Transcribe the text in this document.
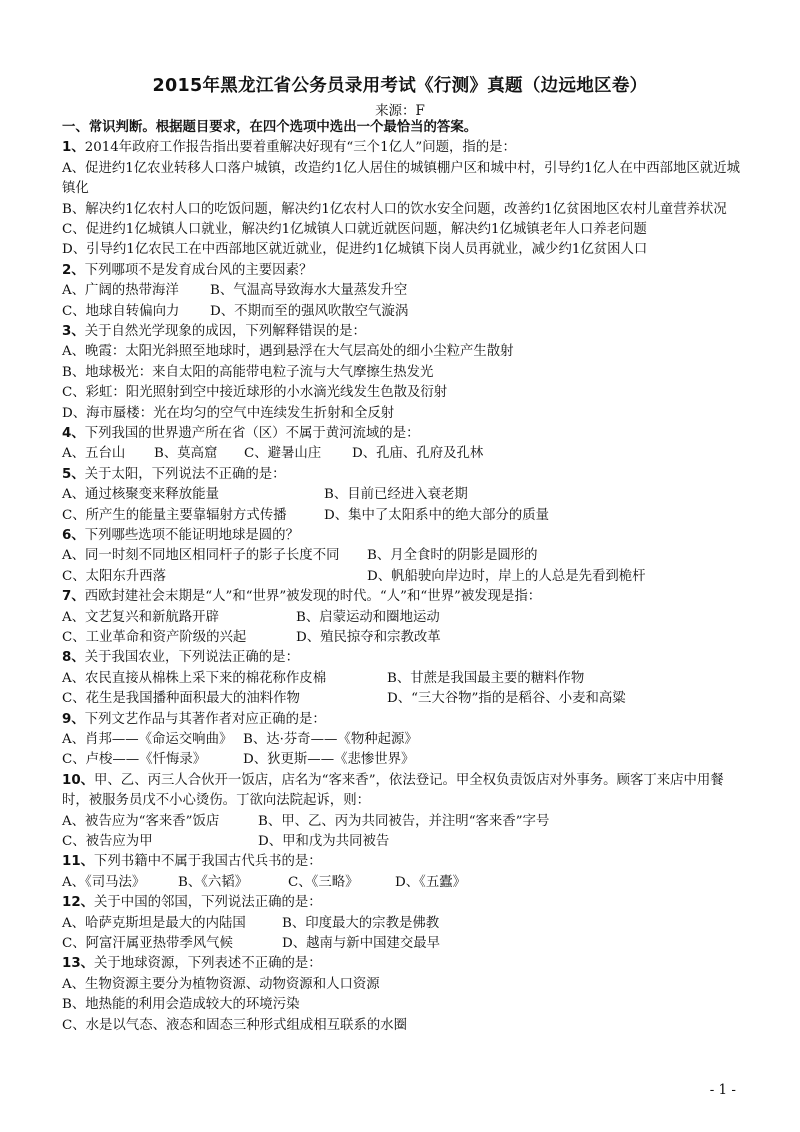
2015年黑龙江省公务员录用考试《行测》真题（边远地区卷）
来源：F
一、常识判断。根据题目要求，在四个选项中选出一个最恰当的答案。
1、2014年政府工作报告指出要着重解决好现有“三个1亿人”问题，指的是：
A、促进约1亿农业转移人口落户城镇，改造约1亿人居住的城镇棚户区和城中村，引导约1亿人在中西部地区就近城镇化
B、解决约1亿农村人口的吃饭问题，解决约1亿农村人口的饮水安全问题，改善约1亿贫困地区农村儿童营养状况
C、促进约1亿城镇人口就业，解决约1亿城镇人口就近就医问题，解决约1亿城镇老年人口养老问题
D、引导约1亿农民工在中西部地区就近就业，促进约1亿城镇下岗人员再就业，减少约1亿贫困人口
2、下列哪项不是发育成台风的主要因素？
A、广阔的热带海洋 B、气温高导致海水大量蒸发升空
C、地球自转偏向力 D、不期而至的强风吹散空气漩涡
3、关于自然光学现象的成因，下列解释错误的是：
A、晚霞：太阳光斜照至地球时，遇到悬浮在大气层高处的细小尘粒产生散射
B、地球极光：来自太阳的高能带电粒子流与大气摩擦生热发光
C、彩虹：阳光照射到空中接近球形的小水滴光线发生色散及衍射
D、海市蜃楼：光在均匀的空气中连续发生折射和全反射
4、下列我国的世界遗产所在省（区）不属于黄河流域的是：
A、五台山 B、莫高窟 C、避暑山庄 D、孔庙、孔府及孔林
5、关于太阳，下列说法不正确的是：
A、通过核聚变来释放能量	B、目前已经进入衰老期
C、所产生的能量主要靠辐射方式传播	D、集中了太阳系中的绝大部分的质量
6、下列哪些选项不能证明地球是圆的？
A、同一时刻不同地区相同杆子的影子长度不同 B、月全食时的阴影是圆形的
C、太阳东升西落	D、帆船驶向岸边时，岸上的人总是先看到桅杆
7、西欧封建社会末期是“人”和“世界”被发现的时代。“人”和“世界”被发现是指：
A、文艺复兴和新航路开辟	B、启蒙运动和圈地运动
C、工业革命和资产阶级的兴起	D、殖民掠夺和宗教改革
8、关于我国农业，下列说法正确的是：
A、农民直接从棉株上采下来的棉花称作皮棉	B、甘蔗是我国最主要的糖料作物
C、花生是我国播种面积最大的油料作物	D、“三大谷物”指的是稻谷、小麦和高粱
9、下列文艺作品与其著作者对应正确的是：
A、肖邦——《命运交响曲》 B、达·芬奇——《物种起源》
C、卢梭——《忏悔录》	D、狄更斯——《悲惨世界》
10、甲、乙、丙三人合伙开一饭店，店名为“客来香”，依法登记。甲全权负责饭店对外事务。顾客丁来店中用餐时，被服务员戊不小心烫伤。丁欲向法院起诉，则：
A、被告应为“客来香”饭店	B、甲、乙、丙为共同被告，并注明“客来香”字号
C、被告应为甲	D、甲和戊为共同被告
11、下列书籍中不属于我国古代兵书的是：
A、《司马法》 B、《六韬》	C、《三略》	D、《五蠹》
12、关于中国的邻国，下列说法正确的是：
A、哈萨克斯坦是最大的内陆国	B、印度最大的宗教是佛教
C、阿富汗属亚热带季风气候	D、越南与新中国建交最早
13、关于地球资源，下列表述不正确的是：
A、生物资源主要分为植物资源、动物资源和人口资源
B、地热能的利用会造成较大的环境污染
C、水是以气态、液态和固态三种形式组成相互联系的水圈
- 1 -
